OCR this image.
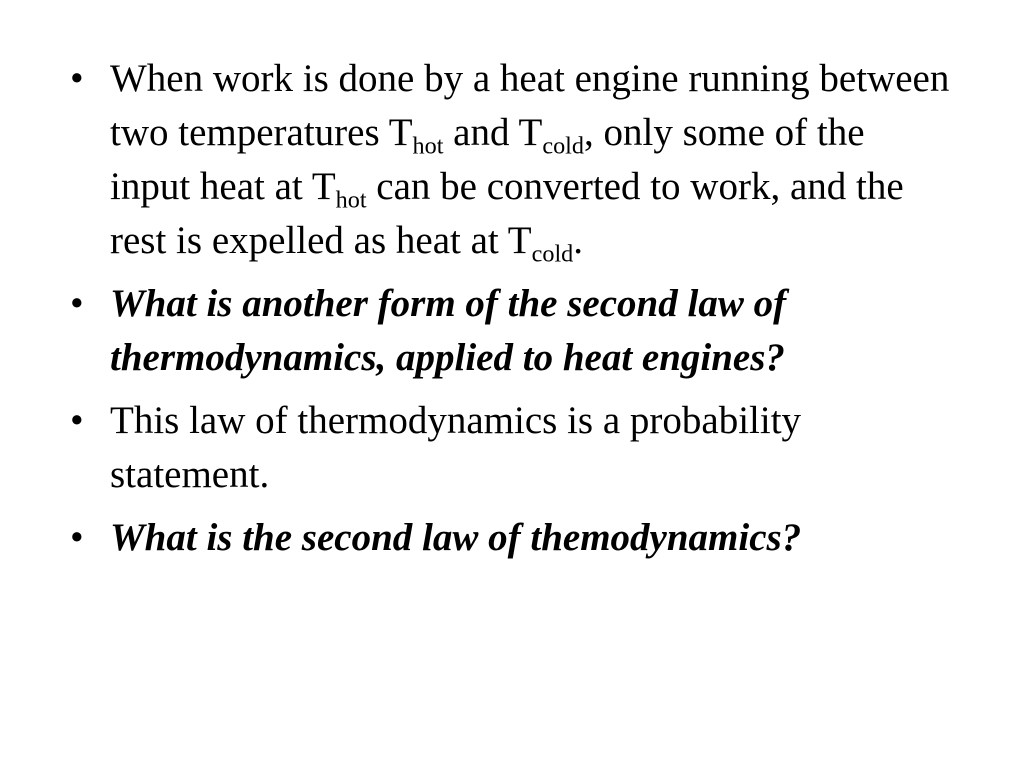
• When work is done by a heat engine running between two temperatures $T_{hot}$ and $T_{cold}$, only some of the input heat at $T_{hot}$ can be converted to work, and the rest is expelled as heat at $T_{cold}$.
• What is another form of the second law of thermodynamics, applied to heat engines?
• This law of thermodynamics is a probability statement.
• What is the second law of themodynamics?
